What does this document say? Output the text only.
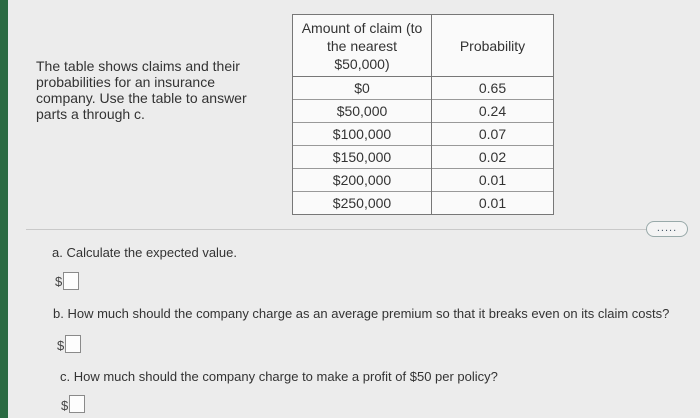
The table shows claims and their probabilities for an insurance company. Use the table to answer parts a through c.

Amount of claim (to the nearest $50,000)	Probability
$0	0.65
$50,000	0.24
$100,000	0.07
$150,000	0.02
$200,000	0.01
$250,000	0.01
.....
a. Calculate the expected value.
$
b. How much should the company charge as an average premium so that it breaks even on its claim costs?
$
c. How much should the company charge to make a profit of $50 per policy?
$
